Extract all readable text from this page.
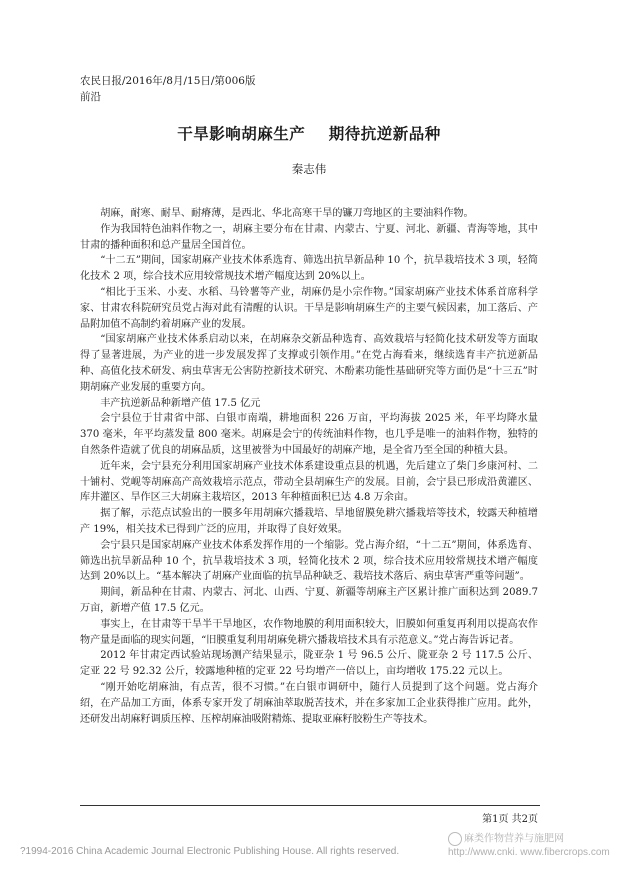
农民日报/2016年/8月/15日/第006版
前沿
干旱影响胡麻生产    期待抗逆新品种
秦志伟

胡麻，耐寒、耐旱、耐瘠薄，是西北、华北高寒干旱的镰刀弯地区的主要油料作物。

作为我国特色油料作物之一，胡麻主要分布在甘肃、内蒙古、宁夏、河北、新疆、青海等地，其中甘肃的播种面积和总产量居全国首位。

“十二五”期间，国家胡麻产业技术体系选育、筛选出抗旱新品种 10 个，抗旱栽培技术 3 项，轻简化技术 2 项，综合技术应用较常规技术增产幅度达到 20%以上。

“相比于玉米、小麦、水稻、马铃薯等产业，胡麻仍是小宗作物。”国家胡麻产业技术体系首席科学家、甘肃农科院研究员党占海对此有清醒的认识。干旱是影响胡麻生产的主要气候因素，加工落后、产品附加值不高制约着胡麻产业的发展。

“国家胡麻产业技术体系启动以来，在胡麻杂交新品种选育、高效栽培与轻简化技术研发等方面取得了显著进展，为产业的进一步发展发挥了支撑或引领作用。”在党占海看来，继续选育丰产抗逆新品种、高值化技术研发、病虫草害无公害防控新技术研究、木酚素功能性基础研究等方面仍是“十三五”时期胡麻产业发展的重要方向。

丰产抗逆新品种新增产值 17.5 亿元

会宁县位于甘肃省中部、白银市南端，耕地面积 226 万亩，平均海拔 2025 米，年平均降水量 370 毫米，年平均蒸发量 800 毫米。胡麻是会宁的传统油料作物，也几乎是唯一的油料作物，独特的自然条件造就了优良的胡麻品质，这里被誉为中国最好的胡麻产地，是全省乃至全国的种植大县。

近年来，会宁县充分利用国家胡麻产业技术体系建设重点县的机遇，先后建立了柴门乡康河村、二十铺村、党岘等胡麻高产高效栽培示范点，带动全县胡麻生产的发展。目前，会宁县已形成沿黄灌区、库井灌区、旱作区三大胡麻主栽培区，2013 年种植面积已达 4.8 万余亩。

据了解，示范点试验出的一膜多年用胡麻穴播栽培、旱地留膜免耕穴播栽培等技术，较露天种植增产 19%，相关技术已得到广泛的应用，并取得了良好效果。

会宁县只是国家胡麻产业技术体系发挥作用的一个缩影。党占海介绍，“十二五”期间，体系选育、筛选出抗旱新品种 10 个，抗旱栽培技术 3 项，轻简化技术 2 项，综合技术应用较常规技术增产幅度达到 20%以上。“基本解决了胡麻产业面临的抗旱品种缺乏、栽培技术落后、病虫草害严重等问题”。

期间，新品种在甘肃、内蒙古、河北、山西、宁夏、新疆等胡麻主产区累计推广面积达到 2089.7 万亩，新增产值 17.5 亿元。

事实上，在甘肃等干旱半干旱地区，农作物地膜的利用面积较大，旧膜如何重复再利用以提高农作物产量是面临的现实问题，“旧膜重复利用胡麻免耕穴播栽培技术具有示范意义。”党占海告诉记者。

2012 年甘肃定西试验站现场测产结果显示，陇亚杂 1 号 96.5 公斤、陇亚杂 2 号 117.5 公斤、定亚 22 号 92.32 公斤，较露地种植的定亚 22 号均增产一倍以上，亩均增收 175.22 元以上。

“刚开始吃胡麻油，有点苦，很不习惯。”在白银市调研中，随行人员提到了这个问题。党占海介绍，在产品加工方面，体系专家开发了胡麻油萃取脱苦技术，并在多家加工企业获得推广应用。此外，还研发出胡麻籽调质压榨、压榨胡麻油吸附精炼、提取亚麻籽胶粉生产等技术。

第1页 共2页
?1994-2016 China Academic Journal Electronic Publishing House. All rights reserved.
麻类作物营养与施肥网
http://www.cnki. www.fibercrops.com
